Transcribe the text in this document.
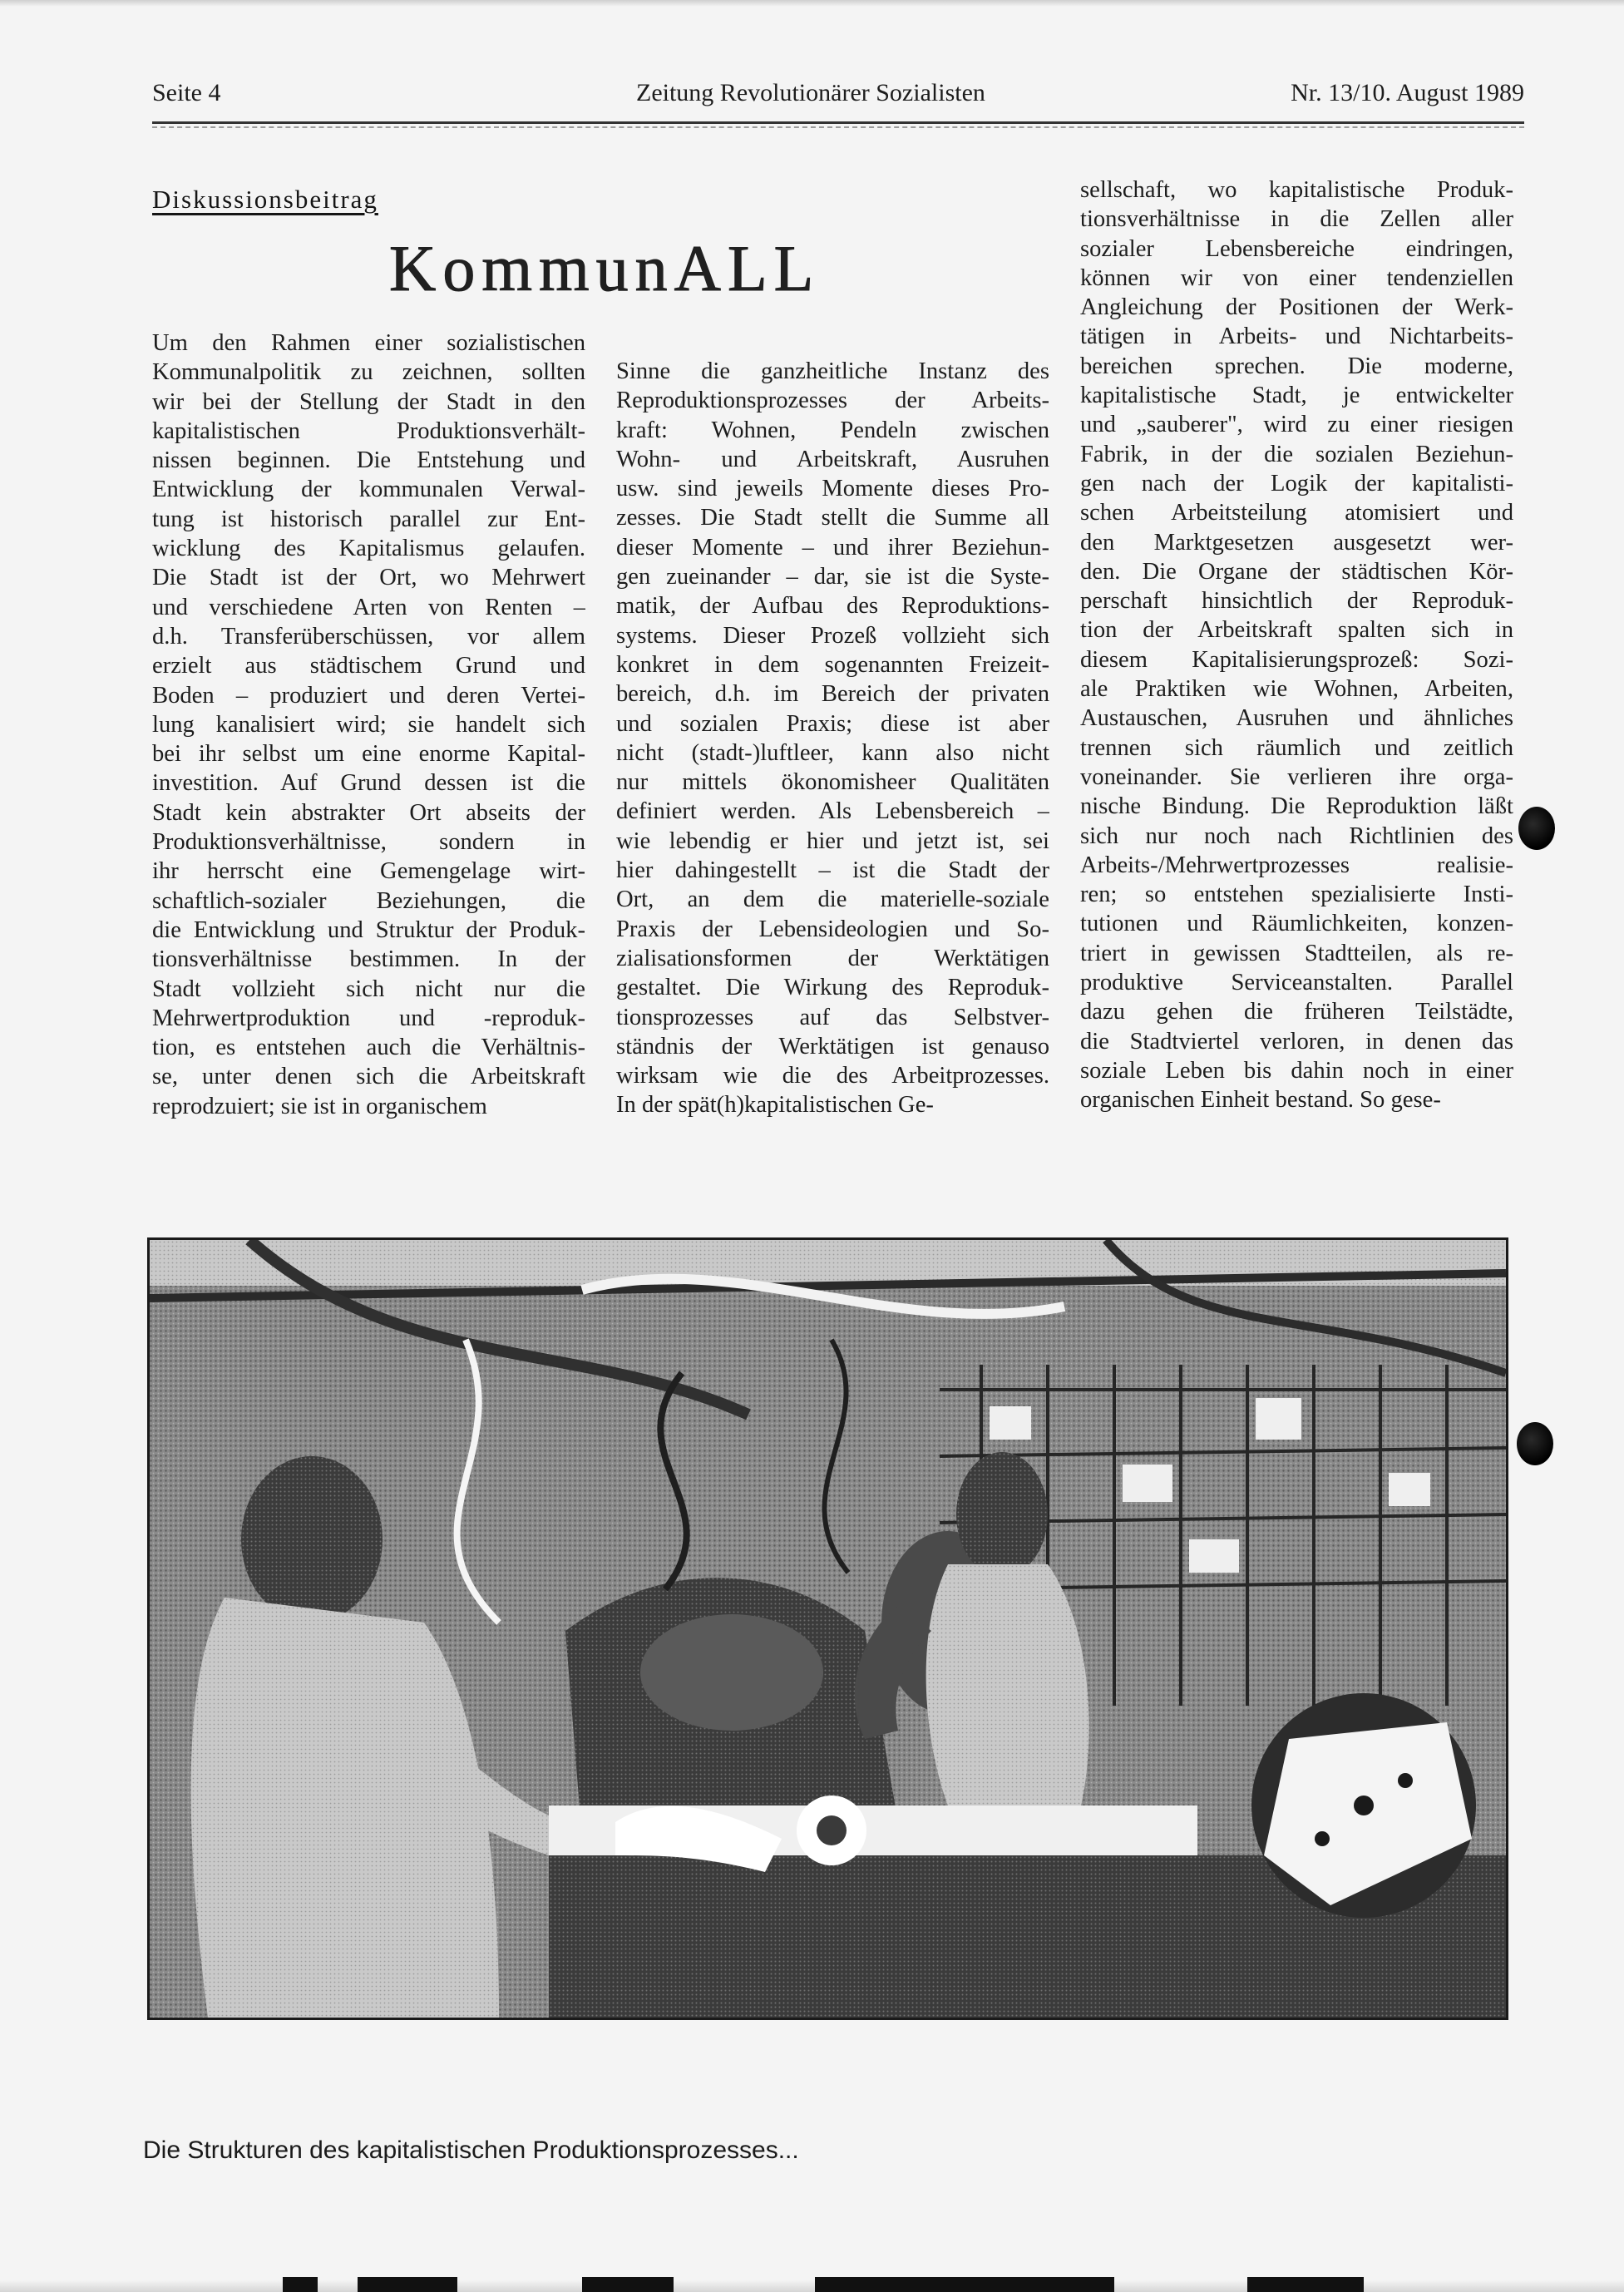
Seite 4	Zeitung Revolutionärer Sozialisten	Nr. 13/10. August 1989
Diskussionsbeitrag
KommunALL
Um den Rahmen einer sozialistischen
Kommunalpolitik zu zeichnen, sollten
wir bei der Stellung der Stadt in den
kapitalistischen Produktionsverhält-
nissen beginnen. Die Entstehung und
Entwicklung der kommunalen Verwal-
tung ist historisch parallel zur Ent-
wicklung des Kapitalismus gelaufen.
Die Stadt ist der Ort, wo Mehrwert
und verschiedene Arten von Renten –
d.h. Transferüberschüssen, vor allem
erzielt aus städtischem Grund und
Boden – produziert und deren Vertei-
lung kanalisiert wird; sie handelt sich
bei ihr selbst um eine enorme Kapital-
investition. Auf Grund dessen ist die
Stadt kein abstrakter Ort abseits der
Produktionsverhältnisse, sondern in
ihr herrscht eine Gemengelage wirt-
schaftlich-sozialer Beziehungen, die
die Entwicklung und Struktur der Produk-
tionsverhältnisse bestimmen. In der
Stadt vollzieht sich nicht nur die
Mehrwertproduktion und -reproduk-
tion, es entstehen auch die Verhältnis-
se, unter denen sich die Arbeitskraft
reprodzuiert; sie ist in organischem
Sinne die ganzheitliche Instanz des
Reproduktionsprozesses der Arbeits-
kraft: Wohnen, Pendeln zwischen
Wohn- und Arbeitskraft, Ausruhen
usw. sind jeweils Momente dieses Pro-
zesses. Die Stadt stellt die Summe all
dieser Momente – und ihrer Beziehun-
gen zueinander – dar, sie ist die Syste-
matik, der Aufbau des Reproduktions-
systems. Dieser Prozeß vollzieht sich
konkret in dem sogenannten Freizeit-
bereich, d.h. im Bereich der privaten
und sozialen Praxis; diese ist aber
nicht (stadt-)luftleer, kann also nicht
nur mittels ökonomisheer Qualitäten
definiert werden. Als Lebensbereich –
wie lebendig er hier und jetzt ist, sei
hier dahingestellt – ist die Stadt der
Ort, an dem die materielle-soziale
Praxis der Lebensideologien und So-
zialisationsformen der Werktätigen
gestaltet. Die Wirkung des Reproduk-
tionsprozesses auf das Selbstver-
ständnis der Werktätigen ist genauso
wirksam wie die des Arbeitprozesses.
In der spät(h)kapitalistischen Ge-
sellschaft, wo kapitalistische Produk-
tionsverhältnisse in die Zellen aller
sozialer Lebensbereiche eindringen,
können wir von einer tendenziellen
Angleichung der Positionen der Werk-
tätigen in Arbeits- und Nichtarbeits-
bereichen sprechen. Die moderne,
kapitalistische Stadt, je entwickelter
und „sauberer", wird zu einer riesigen
Fabrik, in der die sozialen Beziehun-
gen nach der Logik der kapitalisti-
schen Arbeitsteilung atomisiert und
den Marktgesetzen ausgesetzt wer-
den. Die Organe der städtischen Kör-
perschaft hinsichtlich der Reproduk-
tion der Arbeitskraft spalten sich in
diesem Kapitalisierungsprozeß: Sozi-
ale Praktiken wie Wohnen, Arbeiten,
Austauschen, Ausruhen und ähnliches
trennen sich räumlich und zeitlich
voneinander. Sie verlieren ihre orga-
nische Bindung. Die Reproduktion läßt
sich nur noch nach Richtlinien des
Arbeits-/Mehrwertprozesses realisie-
ren; so entstehen spezialisierte Insti-
tutionen und Räumlichkeiten, konzen-
triert in gewissen Stadtteilen, als re-
produktive Serviceanstalten. Parallel
dazu gehen die früheren Teilstädte,
die Stadtviertel verloren, in denen das
soziale Leben bis dahin noch in einer
organischen Einheit bestand. So gese-
Die Strukturen des kapitalistischen Produktionsprozesses...
